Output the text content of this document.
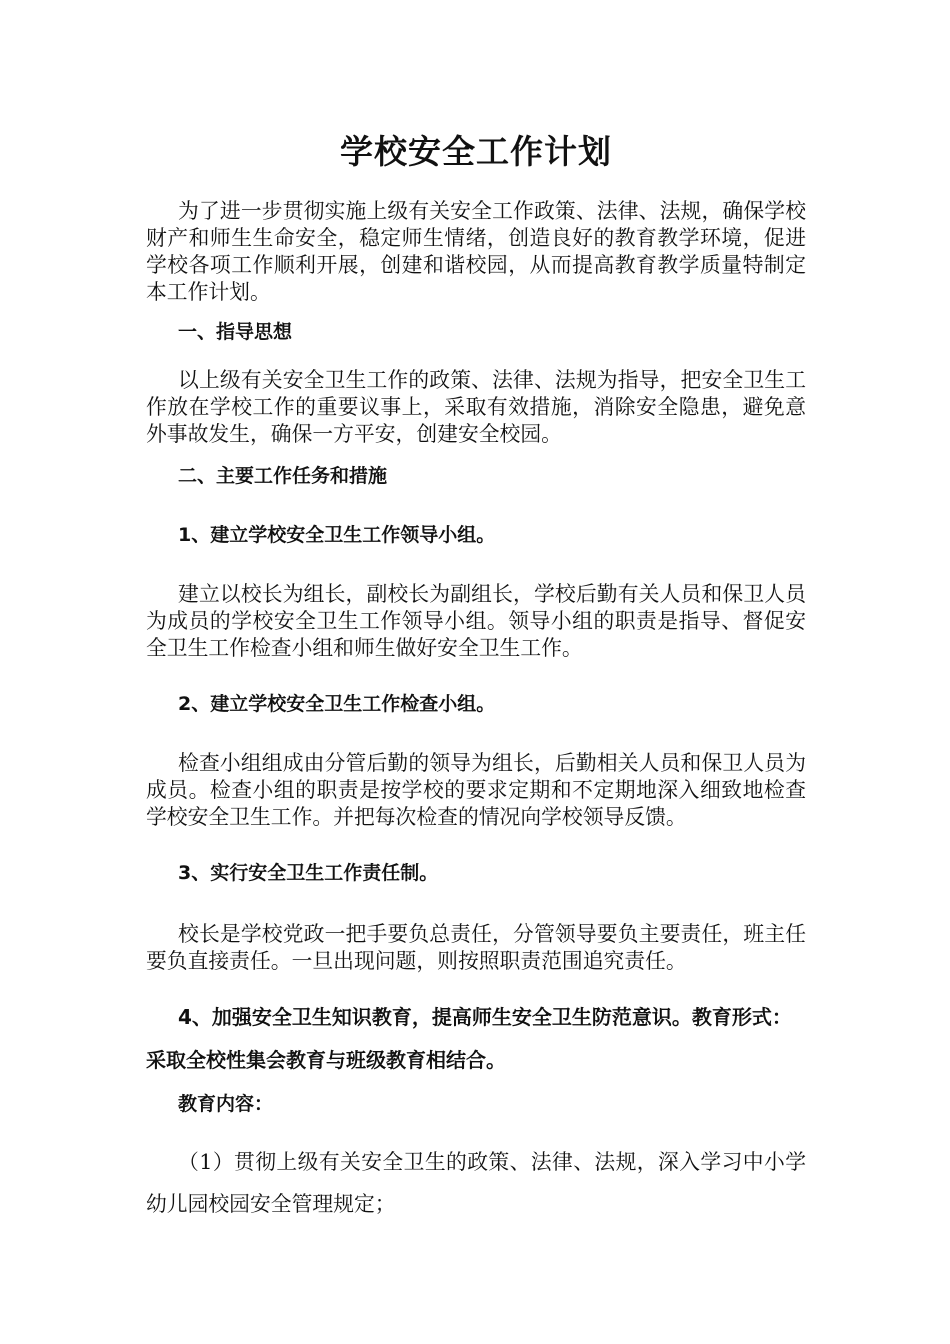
学校安全工作计划

为了进一步贯彻实施上级有关安全工作政策、法律、法规，确保学校财产和师生生命安全，稳定师生情绪，创造良好的教育教学环境，促进学校各项工作顺利开展，创建和谐校园，从而提高教育教学质量特制定本工作计划。

一、指导思想

以上级有关安全卫生工作的政策、法律、法规为指导，把安全卫生工作放在学校工作的重要议事上，采取有效措施，消除安全隐患，避免意外事故发生，确保一方平安，创建安全校园。

二、主要工作任务和措施

1、建立学校安全卫生工作领导小组。

建立以校长为组长，副校长为副组长，学校后勤有关人员和保卫人员为成员的学校安全卫生工作领导小组。领导小组的职责是指导、督促安全卫生工作检查小组和师生做好安全卫生工作。

2、建立学校安全卫生工作检查小组。

检查小组组成由分管后勤的领导为组长，后勤相关人员和保卫人员为成员。检查小组的职责是按学校的要求定期和不定期地深入细致地检查学校安全卫生工作。并把每次检查的情况向学校领导反馈。

3、实行安全卫生工作责任制。

校长是学校党政一把手要负总责任，分管领导要负主要责任，班主任要负直接责任。一旦出现问题，则按照职责范围追究责任。

4、加强安全卫生知识教育，提高师生安全卫生防范意识。教育形式：采取全校性集会教育与班级教育相结合。

教育内容：

（1）贯彻上级有关安全卫生的政策、法律、法规，深入学习中小学幼儿园校园安全管理规定；
